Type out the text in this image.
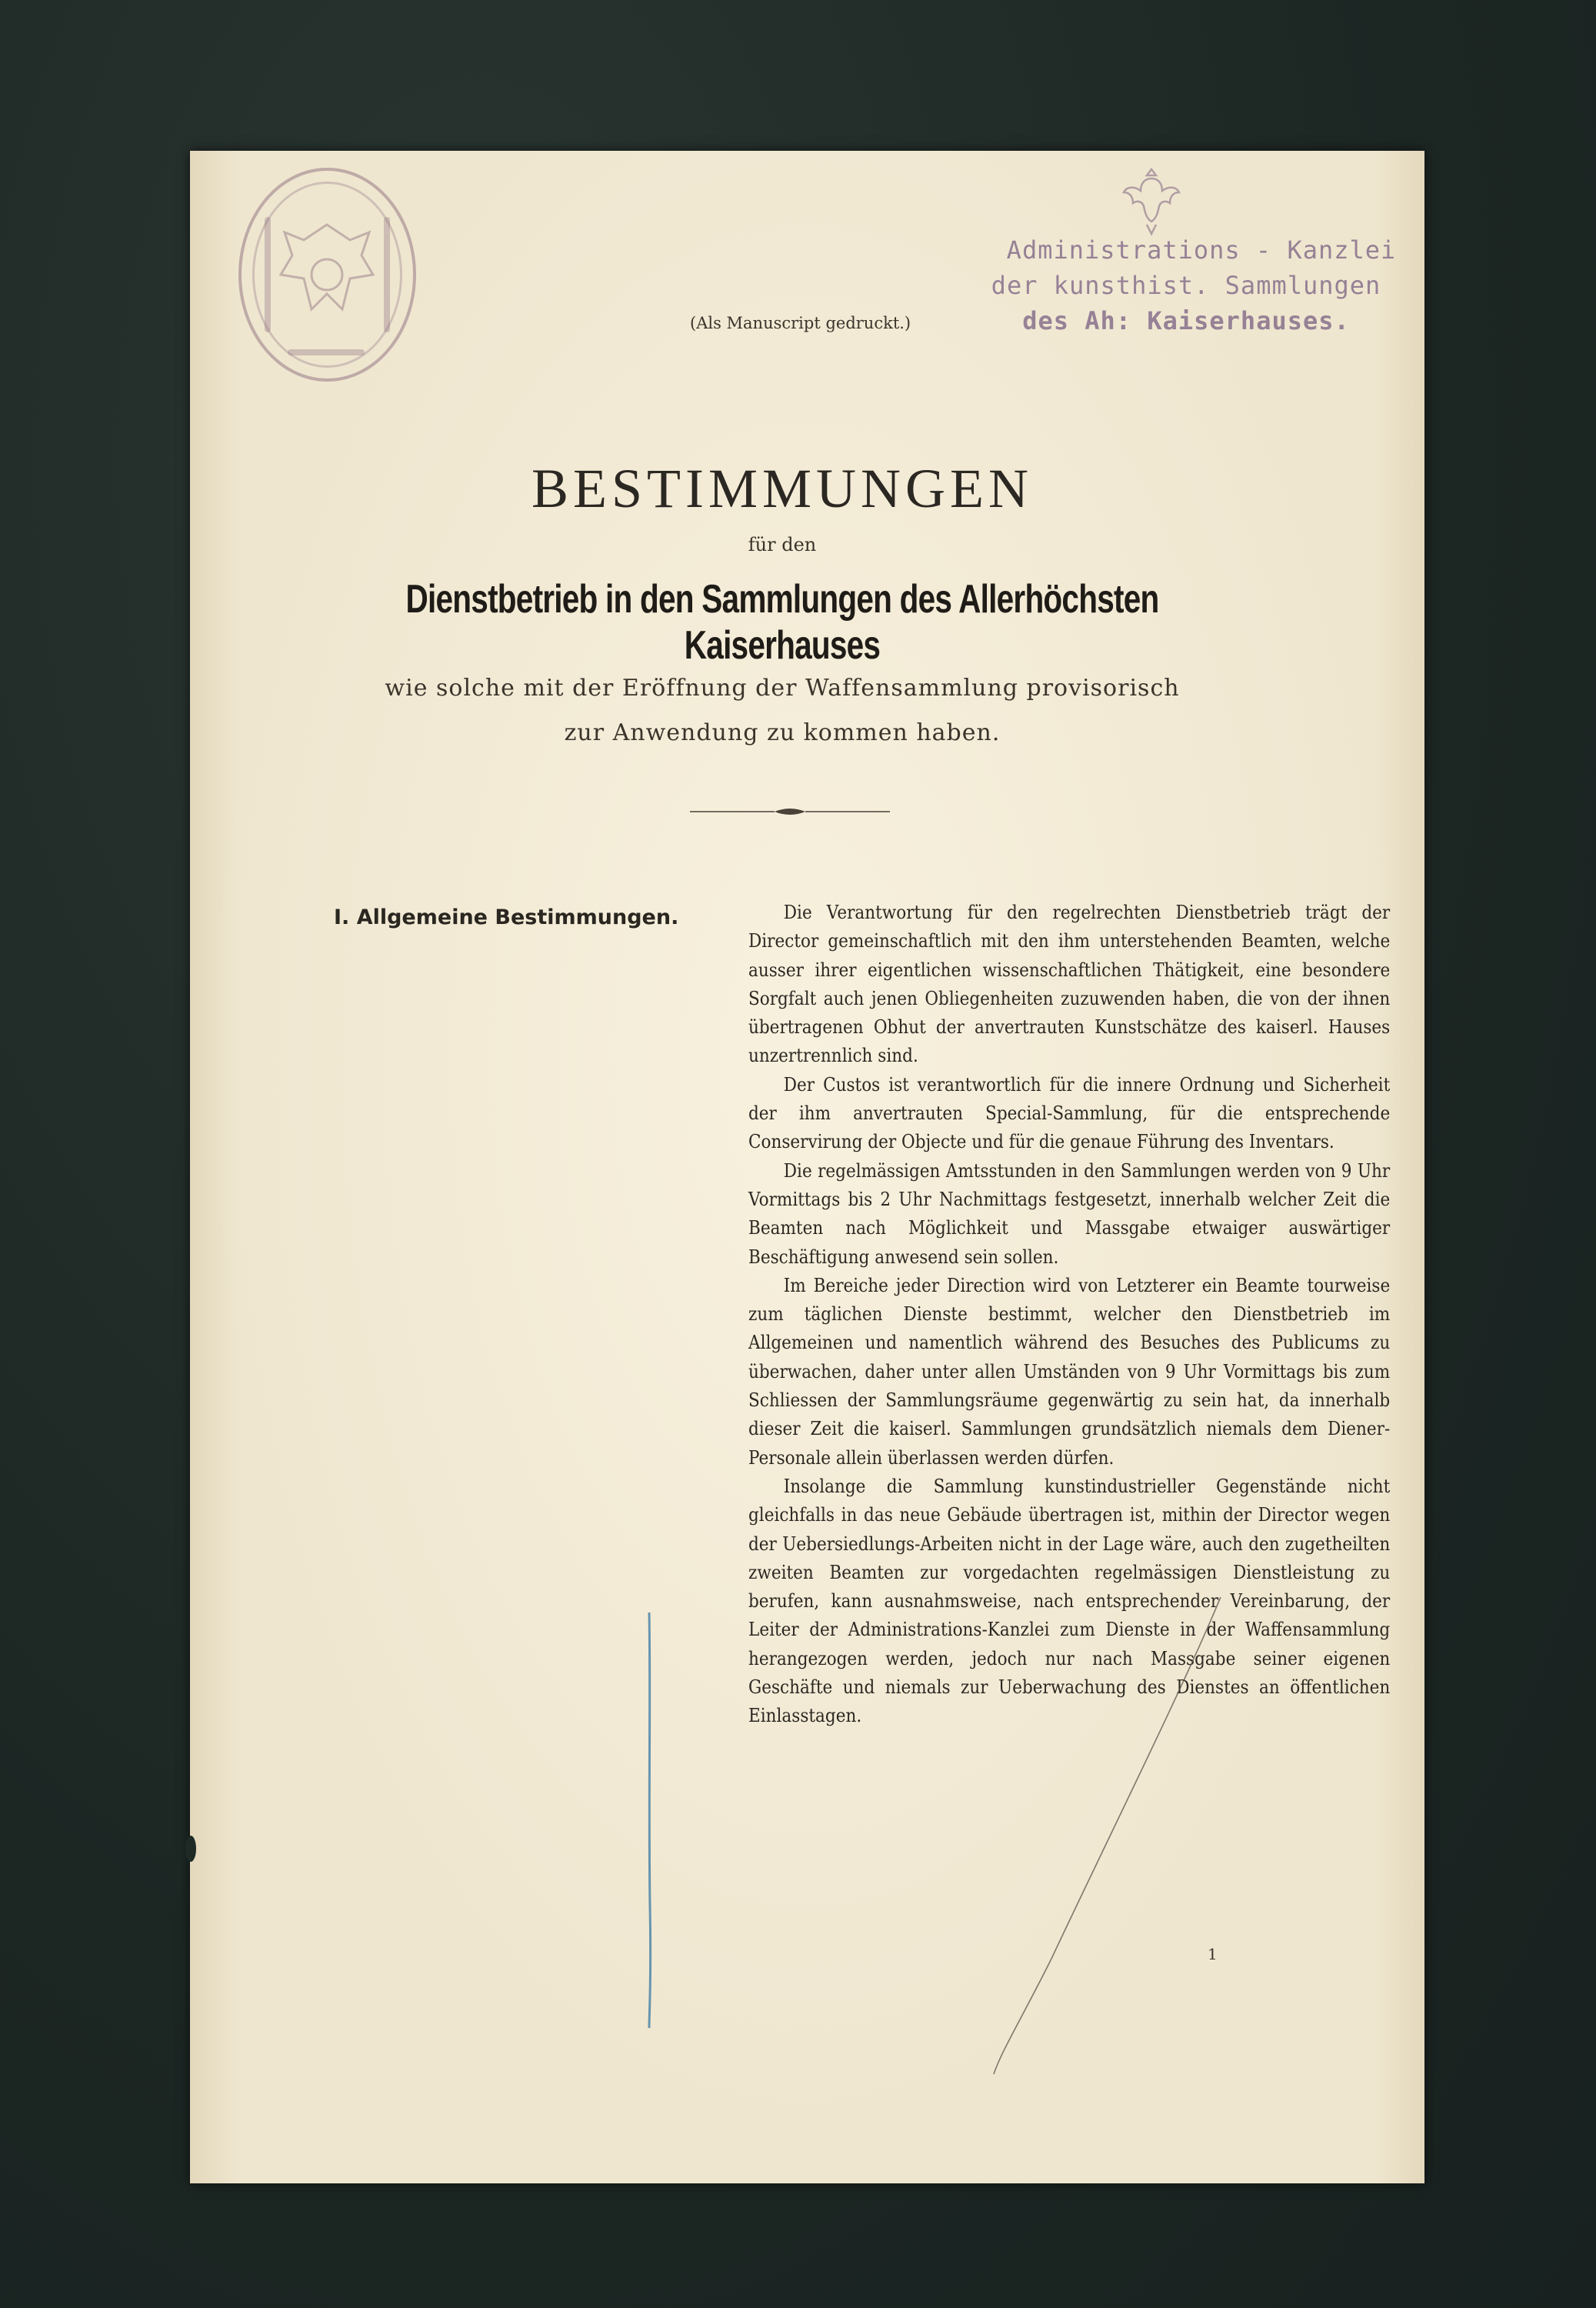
Administrations - Kanzlei
der kunsthist. Sammlungen
des Ah: Kaiserhauses.
(Als Manuscript gedruckt.)
BESTIMMUNGEN
für den
Dienstbetrieb in den Sammlungen des Allerhöchsten Kaiserhauses
wie solche mit der Eröffnung der Waffensammlung provisorisch
zur Anwendung zu kommen haben.
I. Allgemeine Bestimmungen.	Die Verantwortung für den regelrechten Dienstbetrieb trägt der Director gemeinschaftlich mit den ihm unterstehenden Beamten, welche ausser ihrer eigentlichen wissenschaftlichen Thätigkeit, eine besondere Sorgfalt auch jenen Obliegenheiten zuzuwenden haben, die von der ihnen übertragenen Obhut der anvertrauten Kunstschätze des kaiserl. Hauses unzertrennlich sind.

Der Custos ist verantwortlich für die innere Ordnung und Sicherheit der ihm anvertrauten Special-Sammlung, für die entsprechende Conservirung der Objecte und für die genaue Führung des Inventars.

Die regelmässigen Amtsstunden in den Sammlungen werden von 9 Uhr Vormittags bis 2 Uhr Nachmittags festgesetzt, innerhalb welcher Zeit die Beamten nach Möglichkeit und Massgabe etwaiger auswärtiger Beschäftigung anwesend sein sollen.

Im Bereiche jeder Direction wird von Letzterer ein Beamte tourweise zum täglichen Dienste bestimmt, welcher den Dienstbetrieb im Allgemeinen und namentlich während des Besuches des Publicums zu überwachen, daher unter allen Umständen von 9 Uhr Vormittags bis zum Schliessen der Sammlungsräume gegenwärtig zu sein hat, da innerhalb dieser Zeit die kaiserl. Sammlungen grundsätzlich niemals dem Diener-Personale allein überlassen werden dürfen.

Insolange die Sammlung kunstindustrieller Gegenstände nicht gleichfalls in das neue Gebäude übertragen ist, mithin der Director wegen der Uebersiedlungs-Arbeiten nicht in der Lage wäre, auch den zugetheilten zweiten Beamten zur vorgedachten regelmässigen Dienstleistung zu berufen, kann ausnahmsweise, nach entsprechender Vereinbarung, der Leiter der Administrations-Kanzlei zum Dienste in der Waffensammlung herangezogen werden, jedoch nur nach Massgabe seiner eigenen Geschäfte und niemals zur Ueberwachung des Dienstes an öffentlichen Einlasstagen.

1
